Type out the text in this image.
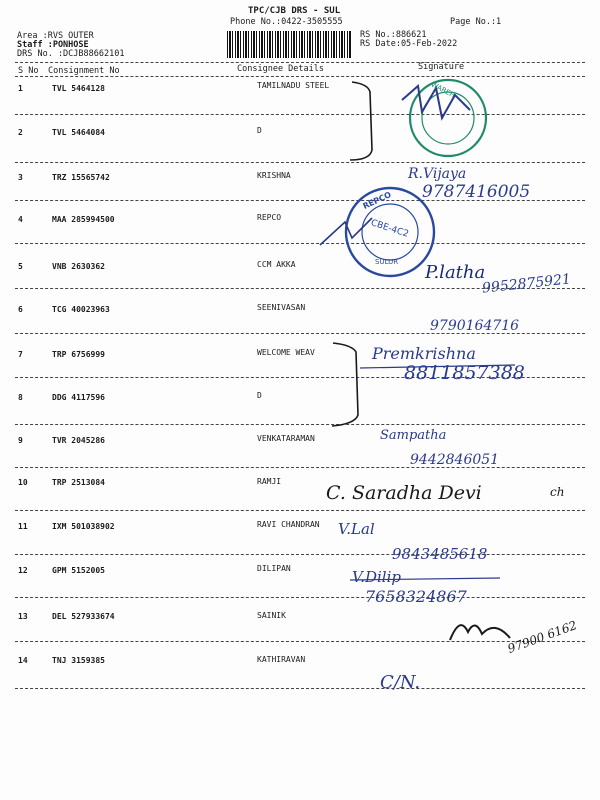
TPC/CJB DRS - SUL
Phone No.:0422-3505555	Page No.:1
Area :RVS OUTER
Staff :PONHOSE
DRS No. :DCJB88662101
RS No.:886621
RS Date:05-Feb-2022
S No Consignment No	Consignee Details	Signature
1	TVL 5464128	TAMILNADU STEEL
2	TVL 5464084	D
3	TRZ 15565742	KRISHNA
4	MAA 285994500	REPCO
5	VNB 2630362	CCM AKKA
6	TCG 40023963	SEENIVASAN
7	TRP 6756999	WELCOME WEAV
8	DDG 4117596	D
9	TVR 2045286	VENKATARAMAN
10	TRP 2513084	RAMJI
11	IXM 501038902	RAVI CHANDRAN
12	GPM 5152005	DILIPAN
13	DEL 527933674	SAINIK
14	TNJ 3159385	KATHIRAVAN
WAREH
REPCO
CBE-4C2
SULUR
R.Vijaya
9787416005
P.latha
9952875921
9790164716
Premkrishna
8811857388
Sampatha
9442846051
C. Saradha Devi	ch
V.Lal
9843485618
V.Dilip
7658324867
97900 6162
C/N.
